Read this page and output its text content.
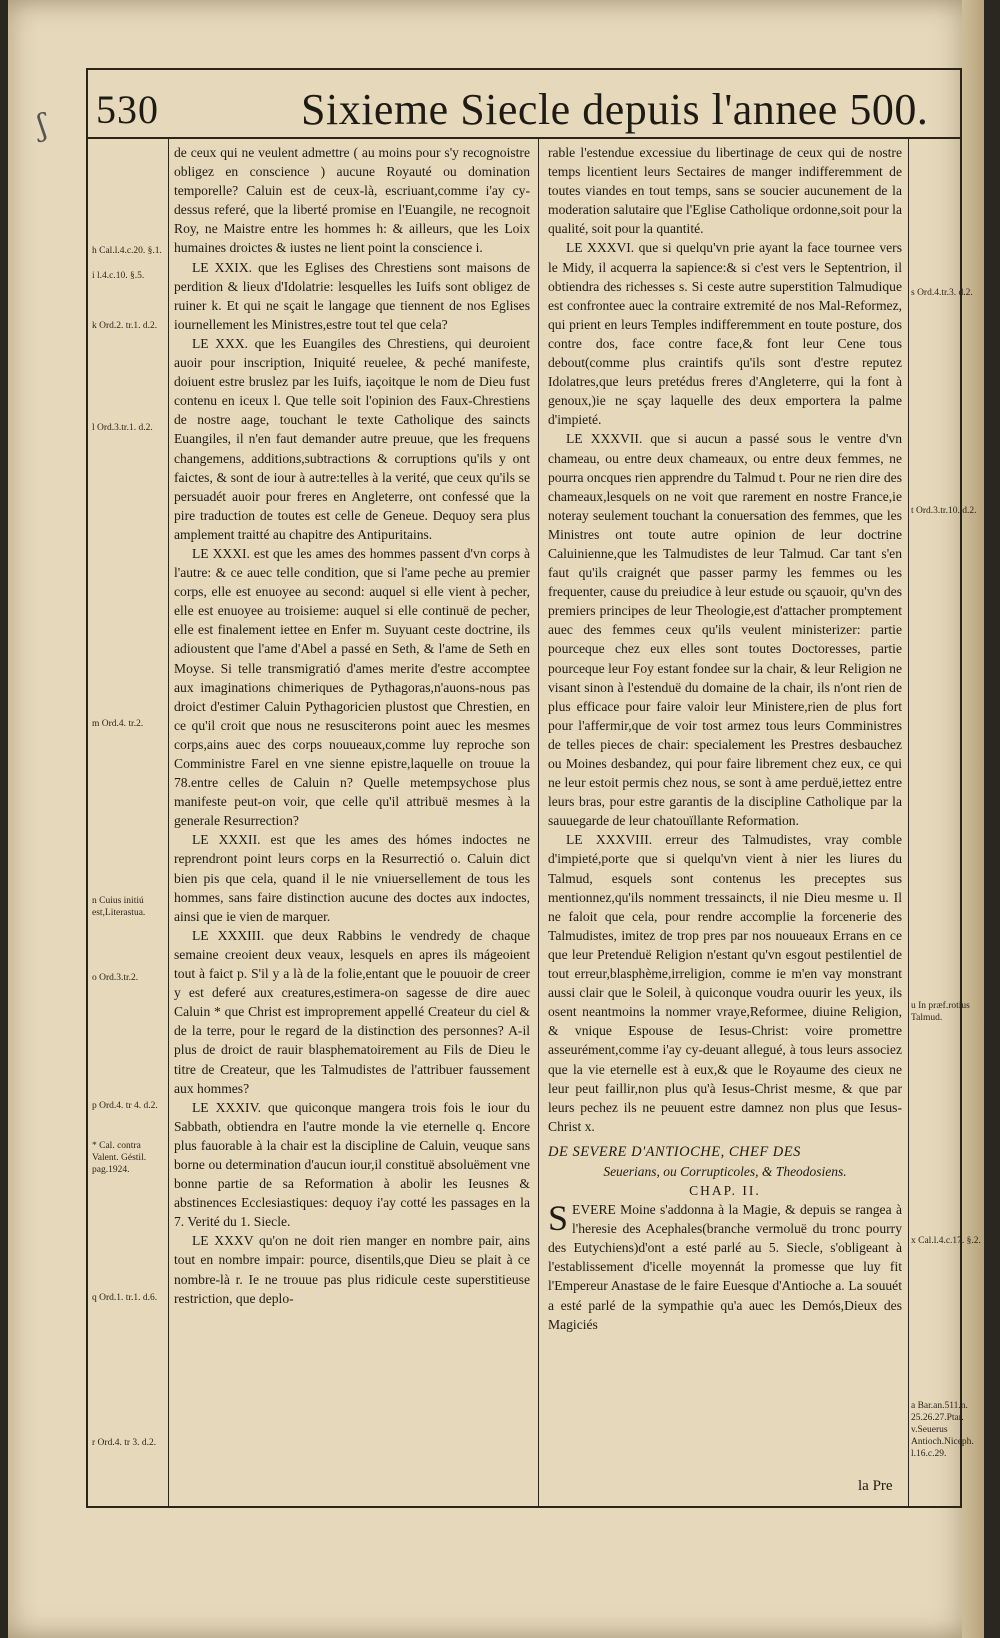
ʃ 530	Sixieme Siecle depuis l'annee 500.
h Cal.l.4.c.20. §.1.
i l.4.c.10. §.5.
k Ord.2. tr.1. d.2.
l Ord.3.tr.1. d.2.
m Ord.4. tr.2.
n Cuius initiú est,Literastua.
o Ord.3.tr.2.
p Ord.4. tr 4. d.2.
* Cal. contra Valent. Géstil. pag.1924.
q Ord.1. tr.1. d.6.
r Ord.4. tr 3. d.2.
s Ord.4.tr.3. d.2.
t Ord.3.tr.10. d.2.
u In præf.rotius Talmud.
x Cal.l.4.c.17. §.2.
a Bar.an.511.n. 25.26.27.Ptar. v.Seuerus Antioch.Niceph. l.16.c.29.

de ceux qui ne veulent admettre ( au moins pour s'y recognoistre obligez en conscience ) aucune Royauté ou domination temporelle? Caluin est de ceux-là, escriuant,comme i'ay cy-dessus referé, que la liberté promise en l'Euangile, ne recognoit Roy, ne Maistre entre les hommes h: & ailleurs, que les Loix humaines droictes & iustes ne lient point la conscience i.

LE XXIX. que les Eglises des Chrestiens sont maisons de perdition & lieux d'Idolatrie: lesquelles les Iuifs sont obligez de ruiner k. Et qui ne sçait le langage que tiennent de nos Eglises iournellement les Ministres,estre tout tel que cela?

LE XXX. que les Euangiles des Chrestiens, qui deuroient auoir pour inscription, Iniquité reuelee, & peché manifeste, doiuent estre bruslez par les Iuifs, iaçoitque le nom de Dieu fust contenu en iceux l. Que telle soit l'opinion des Faux-Chrestiens de nostre aage, touchant le texte Catholique des saincts Euangiles, il n'en faut demander autre preuue, que les frequens changemens, additions,subtractions & corruptions qu'ils y ont faictes, & sont de iour à autre:telles à la verité, que ceux qu'ils se persuadét auoir pour freres en Angleterre, ont confessé que la pire traduction de toutes est celle de Geneue. Dequoy sera plus amplement traitté au chapitre des Antipuritains.

LE XXXI. est que les ames des hommes passent d'vn corps à l'autre: & ce auec telle condition, que si l'ame peche au premier corps, elle est enuoyee au second: auquel si elle vient à pecher, elle est enuoyee au troisieme: auquel si elle continuë de pecher, elle est finalement iettee en Enfer m. Suyuant ceste doctrine, ils adioustent que l'ame d'Abel a passé en Seth, & l'ame de Seth en Moyse. Si telle transmigratió d'ames merite d'estre accomptee aux imaginations chimeriques de Pythagoras,n'auons-nous pas droict d'estimer Caluin Pythagoricien plustost que Chrestien, en ce qu'il croit que nous ne resusciterons point auec les mesmes corps,ains auec des corps nouueaux,comme luy reproche son Comministre Farel en vne sienne epistre,laquelle on trouue la 78.entre celles de Caluin n? Quelle metempsychose plus manifeste peut-on voir, que celle qu'il attribuë mesmes à la generale Resurrection?

LE XXXII. est que les ames des hómes indoctes ne reprendront point leurs corps en la Resurrectió o. Caluin dict bien pis que cela, quand il le nie vniuersellement de tous les hommes, sans faire distinction aucune des doctes aux indoctes, ainsi que ie vien de marquer.

LE XXXIII. que deux Rabbins le vendredy de chaque semaine creoient deux veaux, lesquels en apres ils mágeoient tout à faict p. S'il y a là de la folie,entant que le pouuoir de creer y est deferé aux creatures,estimera-on sagesse de dire auec Caluin * que Christ est improprement appellé Createur du ciel & de la terre, pour le regard de la distinction des personnes? A-il plus de droict de rauir blasphematoirement au Fils de Dieu le titre de Createur, que les Talmudistes de l'attribuer faussement aux hommes?

LE XXXIV. que quiconque mangera trois fois le iour du Sabbath, obtiendra en l'autre monde la vie eternelle q. Encore plus fauorable à la chair est la discipline de Caluin, veuque sans borne ou determination d'aucun iour,il constituë absoluëment vne bonne partie de sa Reformation à abolir les Ieusnes & abstinences Ecclesiastiques: dequoy i'ay cotté les passages en la 7. Verité du 1. Siecle.

LE XXXV qu'on ne doit rien manger en nombre pair, ains tout en nombre impair: pource, disentils,que Dieu se plait à ce nombre-là r. Ie ne trouue pas plus ridicule ceste superstitieuse restriction, que deplo-

rable l'estendue excessiue du libertinage de ceux qui de nostre temps licentient leurs Sectaires de manger indifferemment de toutes viandes en tout temps, sans se soucier aucunement de la moderation salutaire que l'Eglise Catholique ordonne,soit pour la qualité, soit pour la quantité.

LE XXXVI. que si quelqu'vn prie ayant la face tournee vers le Midy, il acquerra la sapience:& si c'est vers le Septentrion, il obtiendra des richesses s. Si ceste autre superstition Talmudique est confrontee auec la contraire extremité de nos Mal-Reformez, qui prient en leurs Temples indifferemment en toute posture, dos contre dos, face contre face,& font leur Cene tous debout(comme plus craintifs qu'ils sont d'estre reputez Idolatres,que leurs pretédus freres d'Angleterre, qui la font à genoux,)ie ne sçay laquelle des deux emportera la palme d'impieté.

LE XXXVII. que si aucun a passé sous le ventre d'vn chameau, ou entre deux chameaux, ou entre deux femmes, ne pourra oncques rien apprendre du Talmud t. Pour ne rien dire des chameaux,lesquels on ne voit que rarement en nostre France,ie noteray seulement touchant la conuersation des femmes, que les Ministres ont toute autre opinion de leur doctrine Caluinienne,que les Talmudistes de leur Talmud. Car tant s'en faut qu'ils craignét que passer parmy les femmes ou les frequenter, cause du preiudice à leur estude ou sçauoir, qu'vn des premiers principes de leur Theologie,est d'attacher promptement auec des femmes ceux qu'ils veulent ministerizer: partie pourceque chez eux elles sont toutes Doctoresses, partie pourceque leur Foy estant fondee sur la chair, & leur Religion ne visant sinon à l'estenduë du domaine de la chair, ils n'ont rien de plus efficace pour faire valoir leur Ministere,rien de plus fort pour l'affermir,que de voir tost armez tous leurs Comministres de telles pieces de chair: specialement les Prestres desbauchez ou Moines desbandez, qui pour faire librement chez eux, ce qui ne leur estoit permis chez nous, se sont à ame perduë,iettez entre leurs bras, pour estre garantis de la discipline Catholique par la sauuegarde de leur chatouïllante Reformation.

LE XXXVIII. erreur des Talmudistes, vray comble d'impieté,porte que si quelqu'vn vient à nier les liures du Talmud, esquels sont contenus les preceptes sus mentionnez,qu'ils nomment tressaincts, il nie Dieu mesme u. Il ne faloit que cela, pour rendre accomplie la forcenerie des Talmudistes, imitez de trop pres par nos nouueaux Errans en ce que leur Pretenduë Religion n'estant qu'vn esgout pestilentiel de tout erreur,blasphème,irreligion, comme ie m'en vay monstrant aussi clair que le Soleil, à quiconque voudra ouurir les yeux, ils osent neantmoins la nommer vraye,Reformee, diuine Religion, & vnique Espouse de Iesus-Christ: voire promettre asseurément,comme i'ay cy-deuant allegué, à tous leurs associez que la vie eternelle est à eux,& que le Royaume des cieux ne leur peut faillir,non plus qu'à Iesus-Christ mesme, & que par leurs pechez ils ne peuuent estre damnez non plus que Iesus-Christ x.

DE SEVERE D'ANTIOCHE, CHEF DES

Seuerians, ou Corrupticoles, & Theodosiens.

CHAP. II.

SEVERE Moine s'addonna à la Magie, & depuis se rangea à l'heresie des Acephales(branche vermoluë du tronc pourry des Eutychiens)d'ont a esté parlé au 5. Siecle, s'obligeant à l'establissement d'icelle moyennát la promesse que luy fit l'Empereur Anastase de le faire Euesque d'Antioche a. La souuét a esté parlé de la sympathie qu'a auec les Demós,Dieux des Magiciés

la Pre
